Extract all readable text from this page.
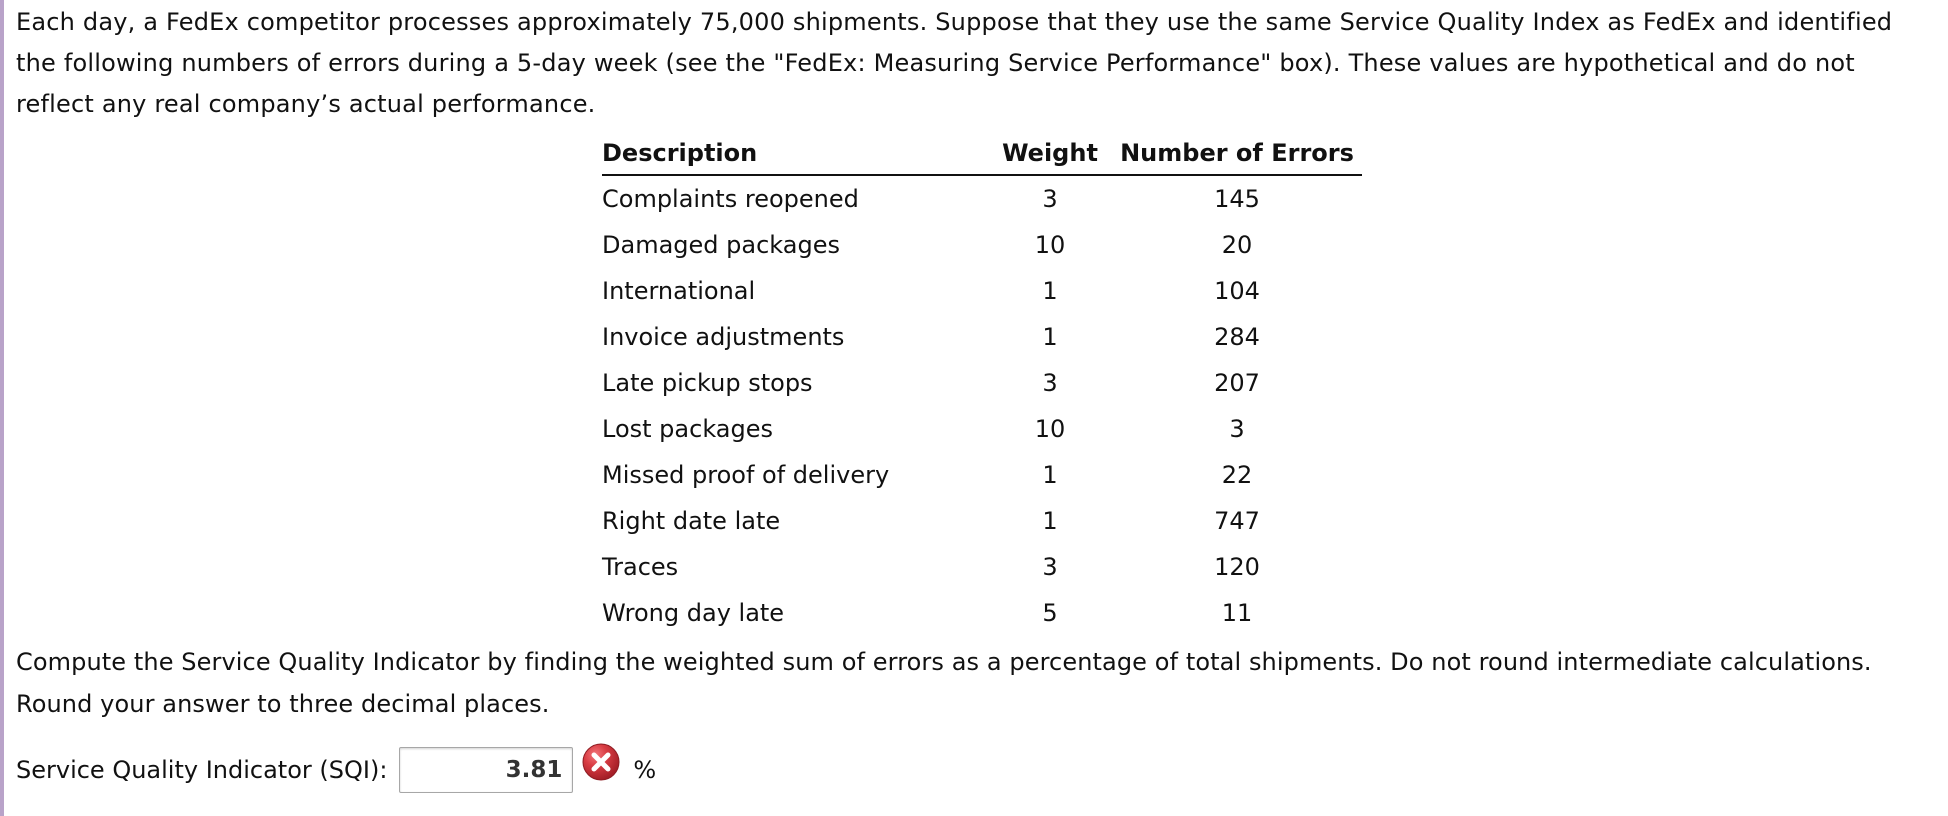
Each day, a FedEx competitor processes approximately 75,000 shipments. Suppose that they use the same Service Quality Index as FedEx and identified the following numbers of errors during a 5-day week (see the "FedEx: Measuring Service Performance" box). These values are hypothetical and do not reflect any real company’s actual performance.

Description	Weight	Number of Errors
Complaints reopened	3	145
Damaged packages	10	20
International	1	104
Invoice adjustments	1	284
Late pickup stops	3	207
Lost packages	10	3
Missed proof of delivery	1	22
Right date late	1	747
Traces	3	120
Wrong day late	5	11

Compute the Service Quality Indicator by finding the weighted sum of errors as a percentage of total shipments. Do not round intermediate calculations. Round your answer to three decimal places.

Service Quality Indicator (SQI):
3.81	%
